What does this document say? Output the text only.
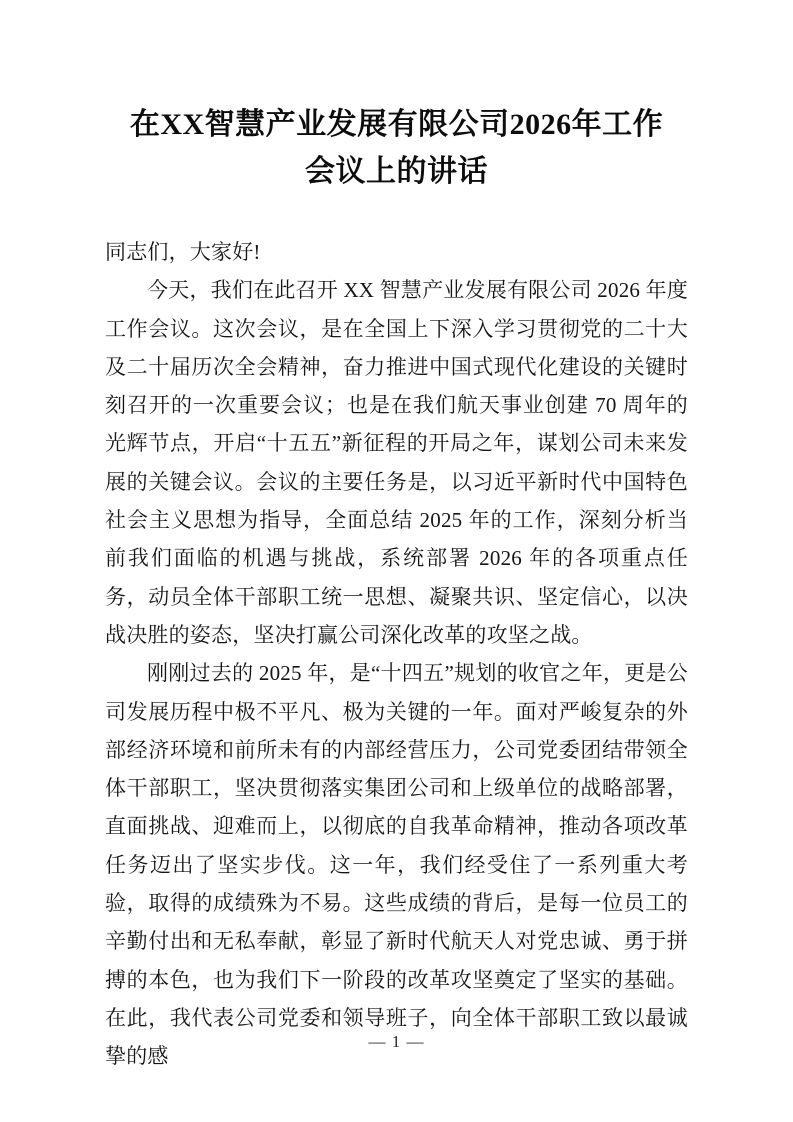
在XX智慧产业发展有限公司2026年工作
会议上的讲话

同志们，大家好!

今天，我们在此召开 XX 智慧产业发展有限公司 2026 年度工作会议。这次会议，是在全国上下深入学习贯彻党的二十大及二十届历次全会精神，奋力推进中国式现代化建设的关键时刻召开的一次重要会议；也是在我们航天事业创建 70 周年的光辉节点，开启“十五五”新征程的开局之年，谋划公司未来发展的关键会议。会议的主要任务是，以习近平新时代中国特色社会主义思想为指导，全面总结 2025 年的工作，深刻分析当前我们面临的机遇与挑战，系统部署 2026 年的各项重点任务，动员全体干部职工统一思想、凝聚共识、坚定信心，以决战决胜的姿态，坚决打赢公司深化改革的攻坚之战。

刚刚过去的 2025 年，是“十四五”规划的收官之年，更是公司发展历程中极不平凡、极为关键的一年。面对严峻复杂的外部经济环境和前所未有的内部经营压力，公司党委团结带领全体干部职工，坚决贯彻落实集团公司和上级单位的战略部署，直面挑战、迎难而上，以彻底的自我革命精神，推动各项改革任务迈出了坚实步伐。这一年，我们经受住了一系列重大考验，取得的成绩殊为不易。这些成绩的背后，是每一位员工的辛勤付出和无私奉献，彰显了新时代航天人对党忠诚、勇于拼搏的本色，也为我们下一阶段的改革攻坚奠定了坚实的基础。在此，我代表公司党委和领导班子，向全体干部职工致以最诚挚的感

— 1 —
